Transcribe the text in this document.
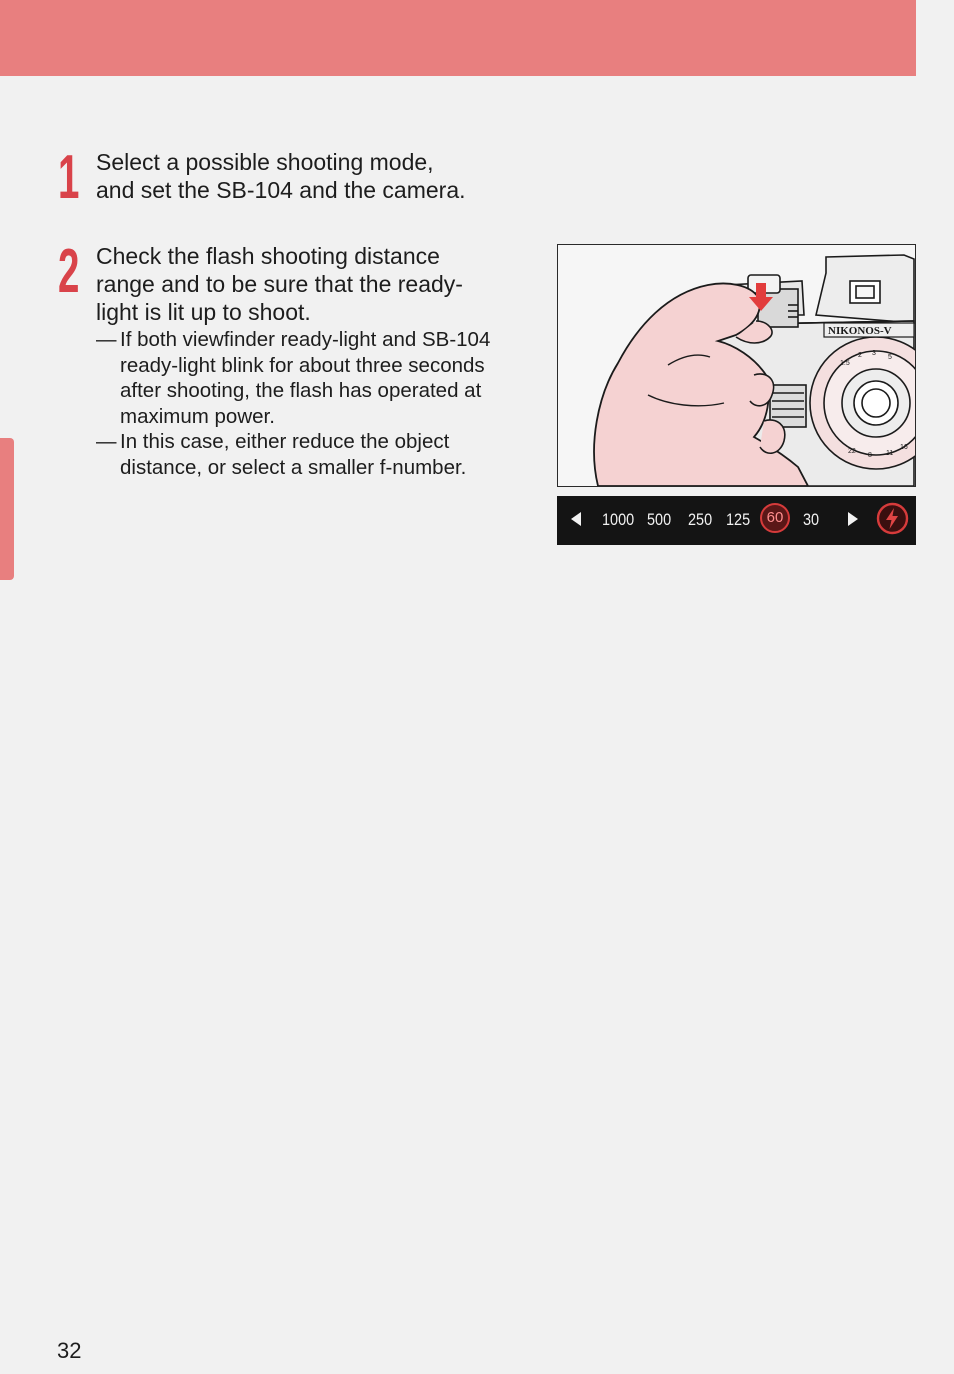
1 Select a possible shooting mode,
and set the SB-104 and the camera.
2 Check the flash shooting distance
range and to be sure that the ready-
light is lit up to shoot.
— If both viewfinder ready-light and SB-104
ready-light blink for about three seconds
after shooting, the flash has operated at
maximum power.
— In this case, either reduce the object
distance, or select a smaller f-number.
NIKONOS-V
1.5
2 3
5
22
8 11
16
1000 500 250 125	60	30
32
